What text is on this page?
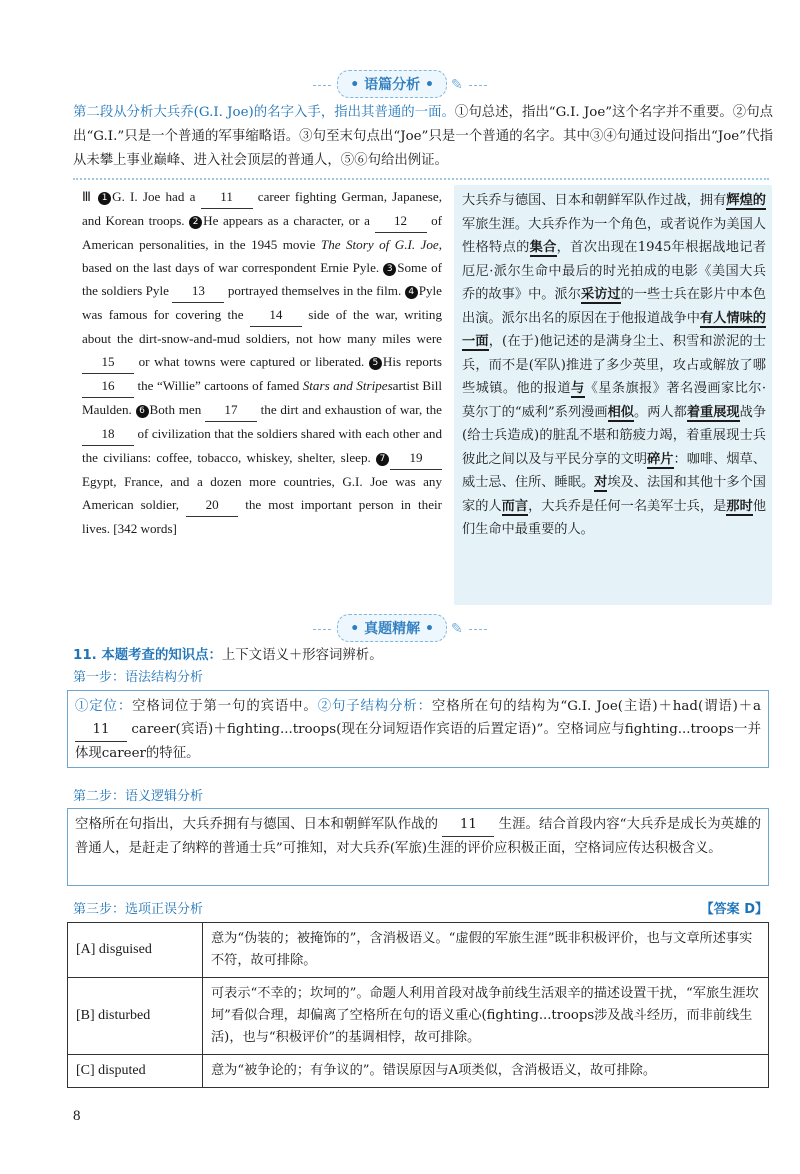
• 语篇分析 • ✎
第二段从分析大兵乔(G.I. Joe)的名字入手，指出其普通的一面。①句总述，指出“G.I. Joe”这个名字并不重要。②句点出“G.I.”只是一个普通的军事缩略语。③句至末句点出“Joe”只是一个普通的名字。其中③④句通过设问指出“Joe”代指从未攀上事业巅峰、进入社会顶层的普通人，⑤⑥句给出例证。
Ⅲ 1 G. I. Joe had a 11 career fighting German, Japanese, and Korean troops. 2 He appears as a character, or a 12 of American personalities, in the 1945 movie The Story of G.I. Joe, based on the last days of war correspondent Ernie Pyle. 3 Some of the soldiers Pyle 13 portrayed themselves in the film. 4 Pyle was famous for covering the 14 side of the war, writing about the dirt-snow-and-mud soldiers, not how many miles were 15 or what towns were captured or liberated. 5 His reports 16 the “Willie” cartoons of famed Stars and Stripesartist Bill Maulden. 6 Both men 17 the dirt and exhaustion of war, the 18 of civilization that the soldiers shared with each other and the civilians: coffee, tobacco, whiskey, shelter, sleep. 7 19 Egypt, France, and a dozen more countries, G.I. Joe was any American soldier, 20 the most important person in their lives. [342 words]
大兵乔与德国、日本和朝鲜军队作过战，拥有辉煌的军旅生涯。大兵乔作为一个角色，或者说作为美国人性格特点的集合，首次出现在1945年根据战地记者厄尼·派尔生命中最后的时光拍成的电影《美国大兵乔的故事》中。派尔采访过的一些士兵在影片中本色出演。派尔出名的原因在于他报道战争中有人情味的一面，(在于)他记述的是满身尘土、积雪和淤泥的士兵，而不是(军队)推进了多少英里，攻占或解放了哪些城镇。他的报道与《星条旗报》著名漫画家比尔·莫尔丁的“威利”系列漫画相似。两人都着重展现战争(给士兵造成)的脏乱不堪和筋疲力竭，着重展现士兵彼此之间以及与平民分享的文明碎片：咖啡、烟草、威士忌、住所、睡眠。对埃及、法国和其他十多个国家的人而言，大兵乔是任何一名美军士兵，是那时他们生命中最重要的人。
• 真题精解 • ✎
11. 本题考查的知识点：上下文语义＋形容词辨析。
第一步：语法结构分析
①定位：空格词位于第一句的宾语中。②句子结构分析：空格所在句的结构为“G.I. Joe(主语)＋had(谓语)＋a 11 career(宾语)＋fighting...troops(现在分词短语作宾语的后置定语)”。空格词应与fighting...troops一并体现career的特征。
第二步：语义逻辑分析
空格所在句指出，大兵乔拥有与德国、日本和朝鲜军队作战的 11 生涯。结合首段内容“大兵乔是成长为英雄的普通人，是赶走了纳粹的普通士兵”可推知，对大兵乔(军旅)生涯的评价应积极正面，空格词应传达积极含义。
第三步：选项正误分析	【答案 D】
[A] disguised	意为“伪装的；被掩饰的”，含消极语义。“虚假的军旅生涯”既非积极评价，也与文章所述事实不符，故可排除。
[B] disturbed	可表示“不幸的；坎坷的”。命题人利用首段对战争前线生活艰辛的描述设置干扰，“军旅生涯坎坷”看似合理，却偏离了空格所在句的语义重心(fighting...troops涉及战斗经历，而非前线生活)，也与“积极评价”的基调相悖，故可排除。
[C] disputed	意为“被争论的；有争议的”。错误原因与A项类似，含消极语义，故可排除。
8
